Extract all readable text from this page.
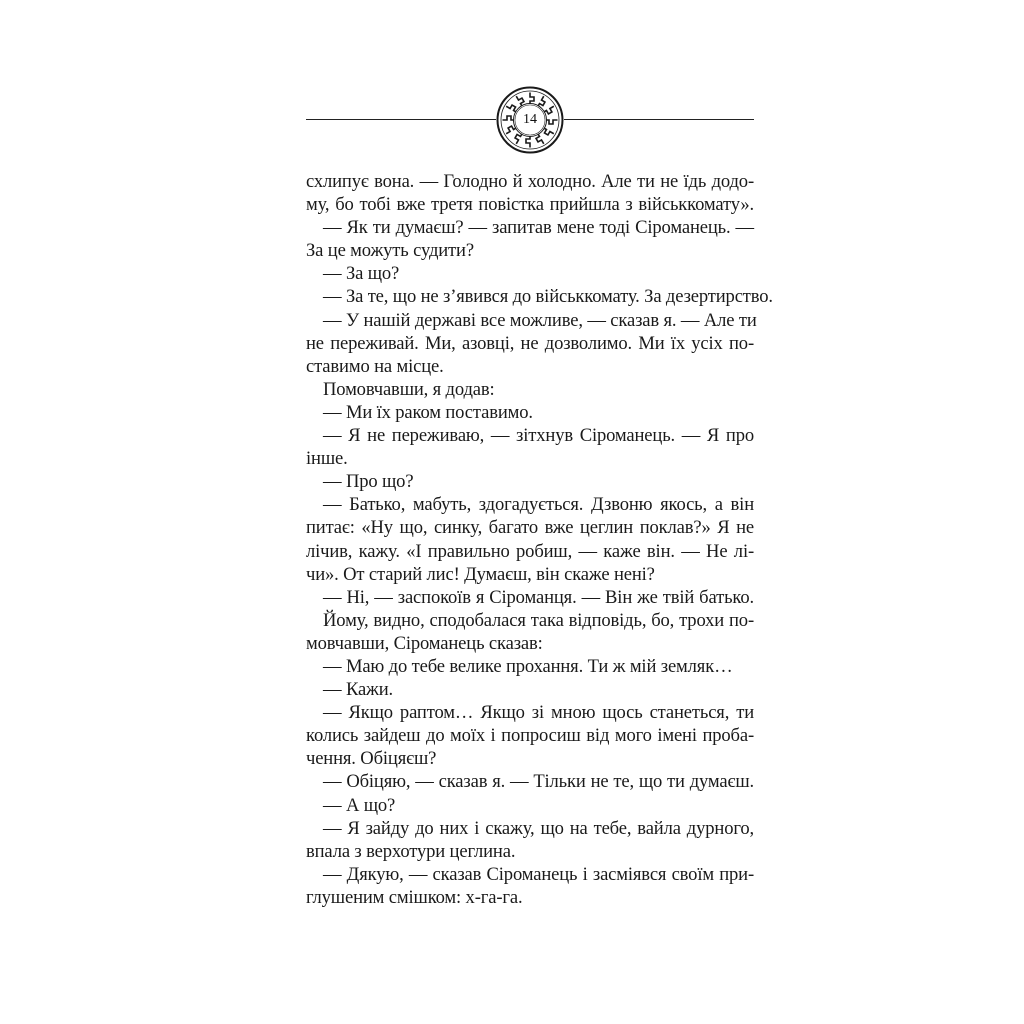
14
схлипує вона. — Голодно й холодно. Але ти не їдь додо-
му, бо тобі вже третя повістка прийшла з військкомату».
— Як ти думаєш? — запитав мене тоді Сіроманець. —
За це можуть судити?
— За що?
— За те, що не з’явився до військкомату. За дезертирство.
— У нашій державі все можливе, — сказав я. — Але ти
не переживай. Ми, азовці, не дозволимо. Ми їх усіх по-
ставимо на місце.
Помовчавши, я додав:
— Ми їх раком поставимо.
— Я не переживаю, — зітхнув Сіроманець. — Я про
інше.
— Про що?
— Батько, мабуть, здогадується. Дзвоню якось, а він
питає: «Ну що, синку, багато вже цеглин поклав?» Я не
лічив, кажу. «І правильно робиш, — каже він. — Не лі-
чи». От старий лис! Думаєш, він скаже нені?
— Ні, — заспокоїв я Сіроманця. — Він же твій батько.
Йому, видно, сподобалася така відповідь, бо, трохи по-
мовчавши, Сіроманець сказав:
— Маю до тебе велике прохання. Ти ж мій земляк…
— Кажи.
— Якщо раптом… Якщо зі мною щось станеться, ти
колись зайдеш до моїх і попросиш від мого імені проба-
чення. Обіцяєш?
— Обіцяю, — сказав я. — Тільки не те, що ти думаєш.
— А що?
— Я зайду до них і скажу, що на тебе, вайла дурного,
впала з верхотури цеглина.
— Дякую, — сказав Сіроманець і засміявся своїм при-
глушеним смішком: х-га-га.
